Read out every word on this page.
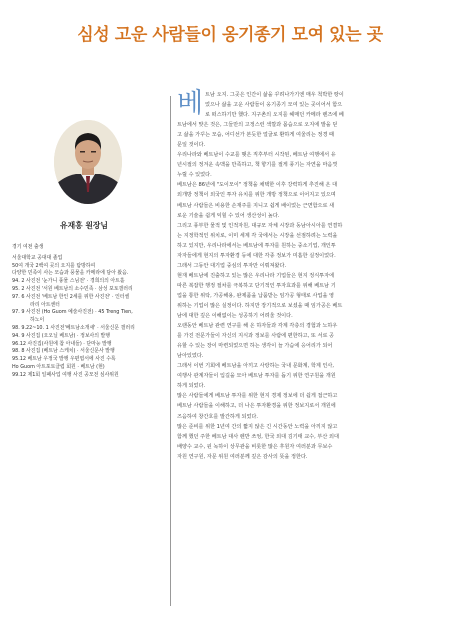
심성 고운 사람들이 옹기종기 모여 있는 곳
유재홍 원장님
경기 여천 출생
서울대학교 공대대 졸업
50여 개국 2백여 곳의 오지를 탐방하여
다양한 민족이 사는 모습과 풍물을 카메라에 담아 왔음.
94. 2 사진전 '눈가니 풍물 스님전' · 경희의의 아트홀
95. 2 사진전 '서원 베트남의 소수민족 · 삼성 포토갤러리
97. 6 사진전 '베트남 한인 2세를 위한 사진전' · 인터셀
라리 아트센터
97. 9 사진전 (Ho Guom 예술사진전) · 45 Treng Tien,
하노이
98. 9.22~10. 1 사진전'베트남소개새' · 서울신문 갤러리
94. 9 사진집 (오오닐 베트남) · 정보사의 발행
96.12 사진집(사원에 참 아내들) · 단마능 발행
98. 8 사진집 (베트남 스케치) · 서울신문사 발행
95.12 베트남 우정국 발행 우편엽서에 사진 수록
Ho Guom 아트포토클럽 회원 · 베트남 (현)
99.12 제1회 일패사업 여행 사진 공모전 심사위원
베 트남 오지. 그곳은 인간이 삶을 꾸려나가기엔 매우 척박한 땅이
었으나 삶을 고운 사람들이 옹기종기 모여 있는 곳이어서 함으
로 떠스하기만 했다. 지구촌의 오지를 헤매던 카메라 렌즈에 베
트남에서 맞은 것은, 그들만의 고정스런 색깔과 몸습으로 오지에 발을 딛
고 삶을 가꾸는 모습, 어디선가 본듯한 얼굴로 환하게 여울리는 정경 때
문일 것이다.
우리나라와 베트남이 수교를 맺은 직후부터 시작된, 베트남 여행에서 유
년시절의 정겨운 속맥을 만족하고, 책 향기를 절게 풍기는 자연을 마음껏
누릴 수 있었다.
베트남은 86년에 "도이모이" 정책을 채택한 이후 강력하게 추진해 온 대
외개방 정책이 외국인 투자 유치를 위한 개방 정책으로 이어지고 있으며
베트남 사람들은 비용한 손재주를 지니고 쉽게 배이었는 근면함으로 새
로운 기술을 쉽게 익힐 수 있어 생산성이 높다.
그리고 풍부한 물적 및 인적자원, 대규모 자체 시장과 동남아시아를 연결하
는 지정학적인 위치로, 이미 세계 각 국에서는 시장을 선점하려는 노력을
하고 있지만, 우리나라에서는 베트남에 투자를 원하는 중소기업, 개인투
자자들에게 현지의 투자환경 등에 대한 각종 정보가 미흡한 실정이었다.
그래서 그동안 대기업 중심의 투자만 이뤄져왔다.
현재 베트남에 진출하고 있는 많은 우리나라 기업들은 현지 정식투자에
따른 복잡한 행정 절차를 극복하고 단기적인 투자효과를 위해 베트남 기
업을 통한 위탁, 가공해용, 완제품을 납품받는 임가공 형태로 사업을 영
위하는 기업이 많은 실정이다. 하지만 장기적으로 보셨을 때 임가공은 베트
남에 대한 깊은 이해없이는 성공하기 어려울 것이다.
오랜동안 베트남 관련 연구를 해 온 하자들과 각계 각층의 경험과 노하우
를 가진 전문가들이 자신의 지식과 정보를 사람에 편한하고, 또 서로 공
유할 수 있는 장이 마련되었으면 하는 생각이 늘 가슴에 응어리가 되어
남아있었다.
그래서 이번 기회에 베트남을 아끼고 사랑하는 국내 문화계, 학계 인사,
여행사 관계자들이 입길을 모아 베트남 투자를 돕기 위한 연구원을 개원
하게 되었다.
많은 사람들에게 베트남 투자를 위한 현지 경제 정보에 더 쉽게 접근하고
베트남 사람들을 이해하고, 더 나은 투자환경을 위한 정보지로서 개원에
즈음하여 창간호를 발간하게 되었다.
많은 준비를 위한 1년여 간의 짧지 않은 긴 시간동안 노력을 아끼지 않고
함께 했던 주한 베트남 대사 렌반 쓰엉, 한국 외대 김기태 교수, 부산 외대
배양수 교수, 윈 녹하이 상무관을 비롯한 많은 후원자 여러분과 무보수
자원 연구원, 자문 위원 여러분께 깊은 감사의 뜻을 정한다.
